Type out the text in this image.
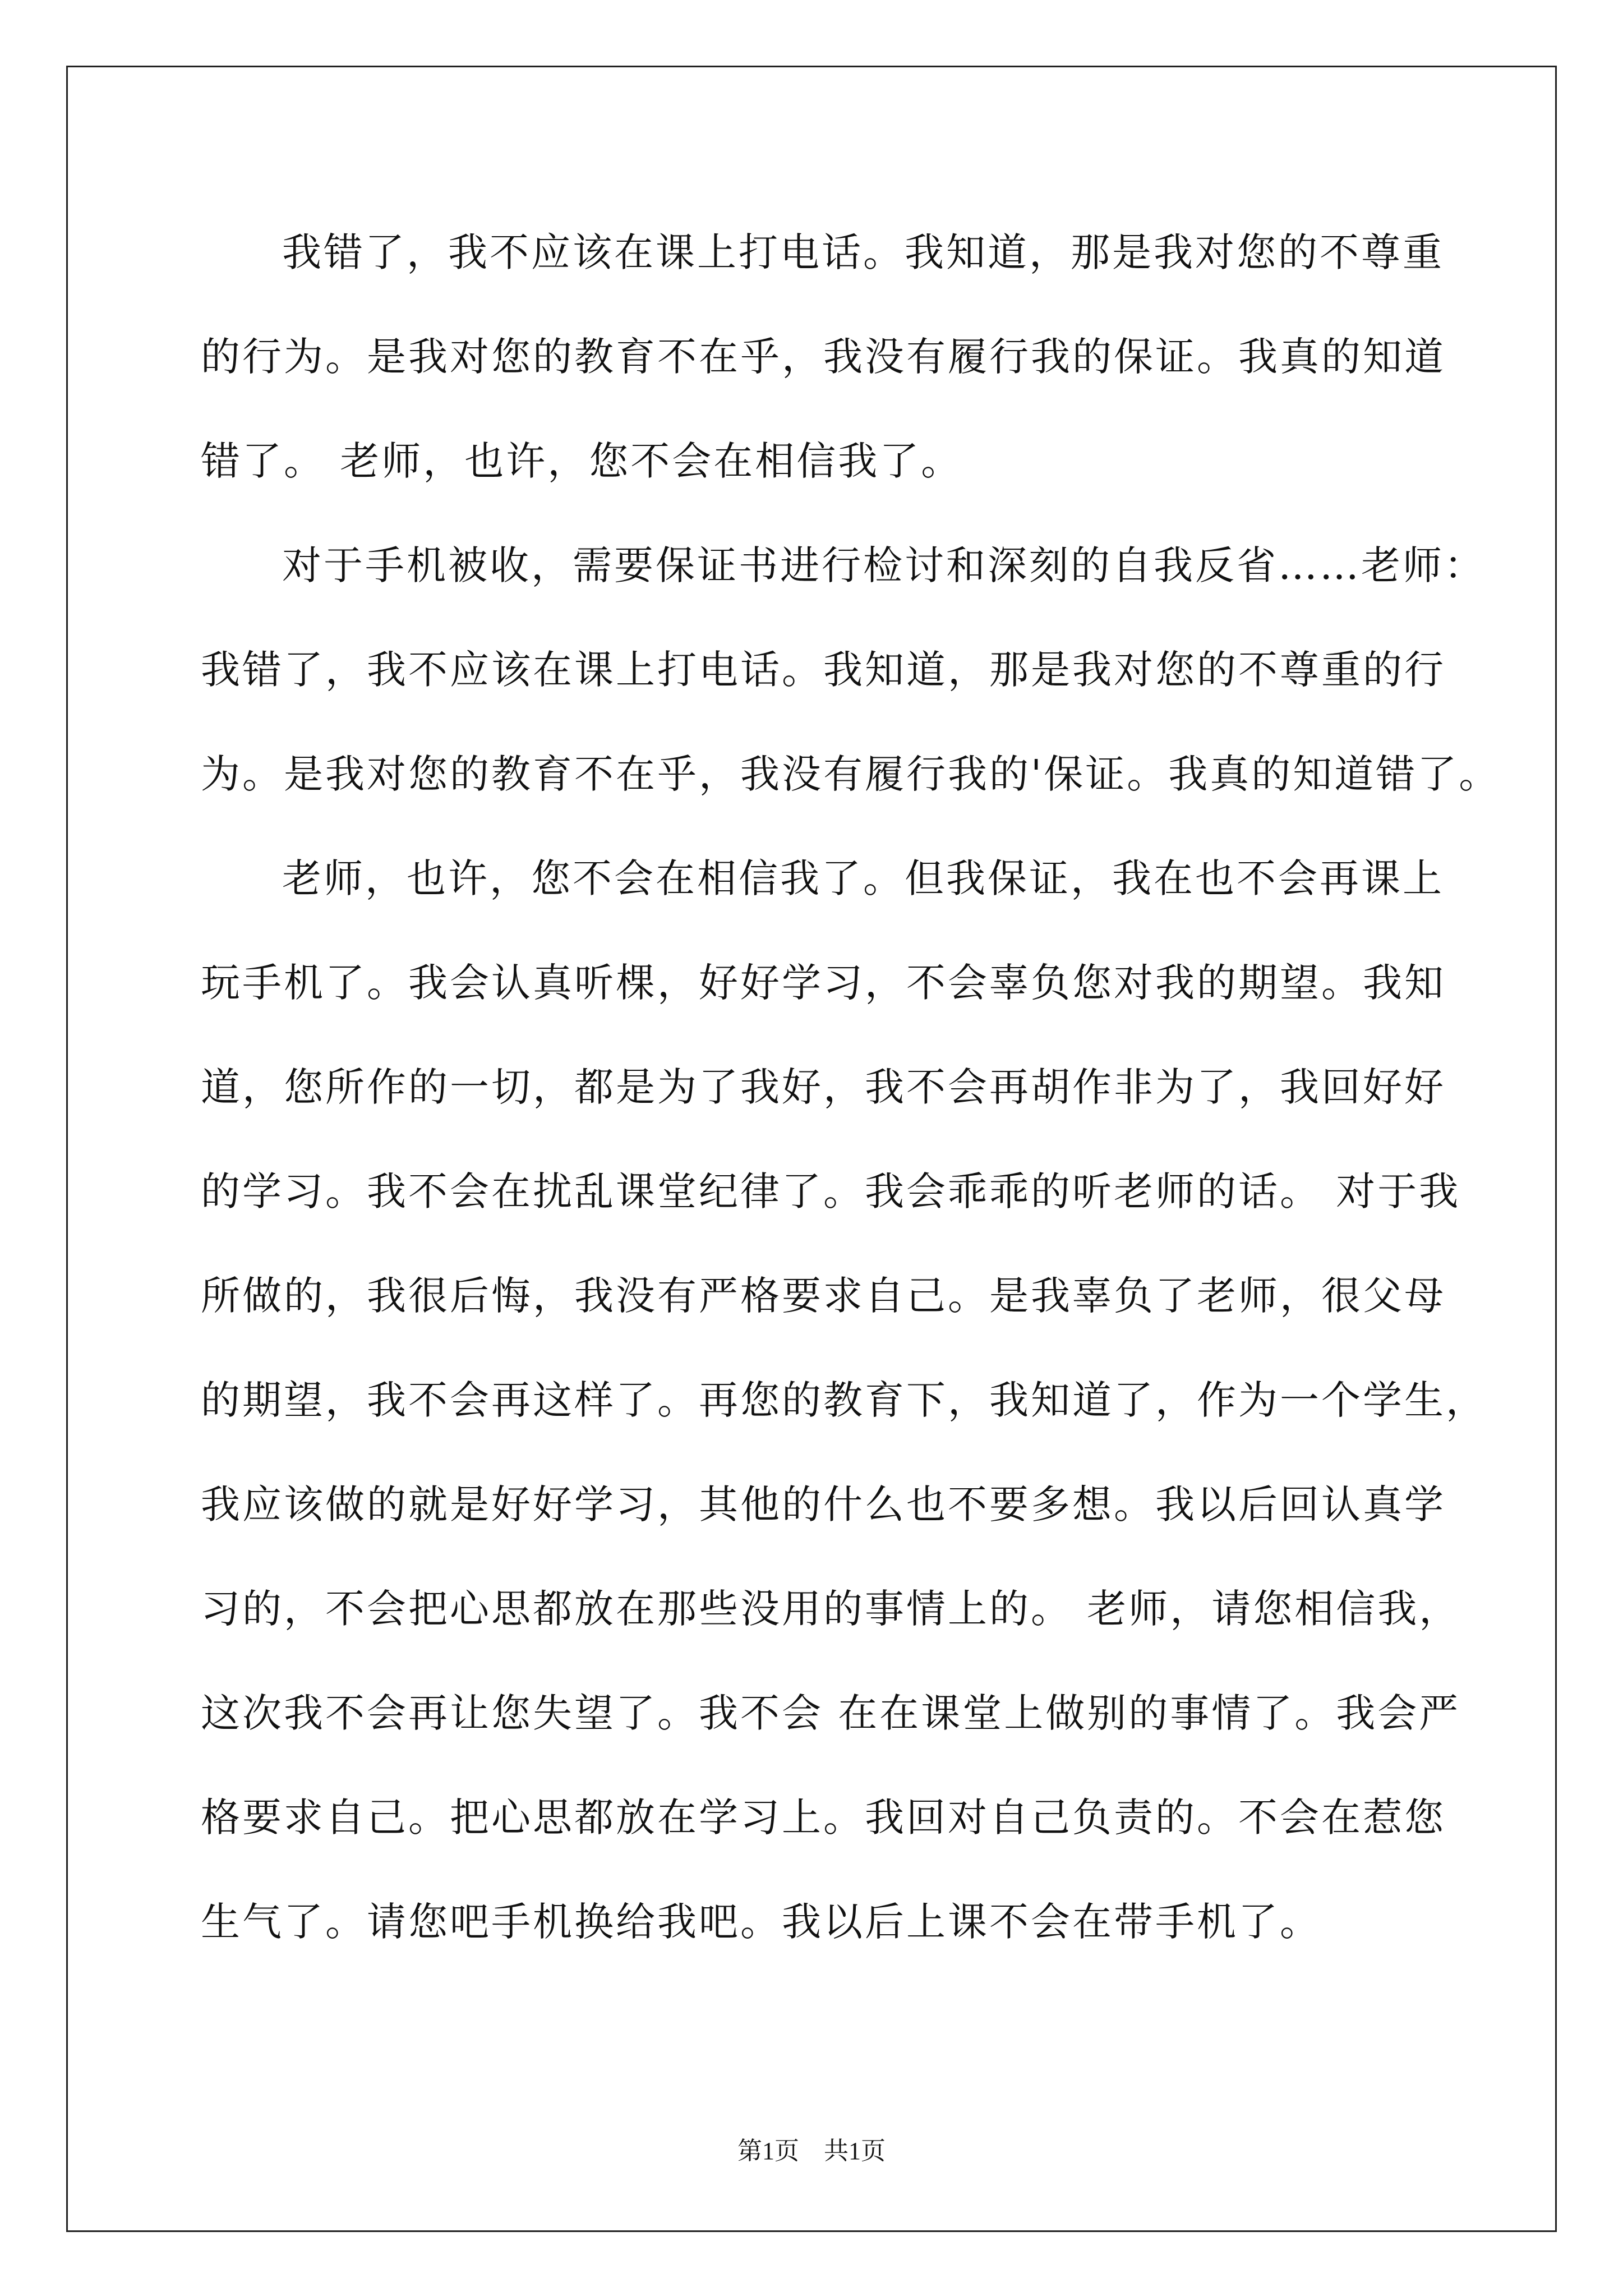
我错了，我不应该在课上打电话。我知道，那是我对您的不尊重
的行为。是我对您的教育不在乎，我没有履行我的保证。我真的知道
错了。 老师，也许，您不会在相信我了。
对于手机被收，需要保证书进行检讨和深刻的自我反省……老师：
我错了，我不应该在课上打电话。我知道，那是我对您的不尊重的行
为。是我对您的教育不在乎，我没有履行我的'保证。我真的知道错了。
老师，也许，您不会在相信我了。但我保证，我在也不会再课上
玩手机了。我会认真听棵，好好学习，不会辜负您对我的期望。我知
道，您所作的一切，都是为了我好，我不会再胡作非为了，我回好好
的学习。我不会在扰乱课堂纪律了。我会乖乖的听老师的话。 对于我
所做的，我很后悔，我没有严格要求自己。是我辜负了老师，很父母
的期望，我不会再这样了。再您的教育下，我知道了，作为一个学生，
我应该做的就是好好学习，其他的什么也不要多想。我以后回认真学
习的，不会把心思都放在那些没用的事情上的。 老师，请您相信我，
这次我不会再让您失望了。我不会 在在课堂上做别的事情了。我会严
格要求自己。把心思都放在学习上。我回对自己负责的。不会在惹您
生气了。请您吧手机换给我吧。我以后上课不会在带手机了。
第1页　共1页
